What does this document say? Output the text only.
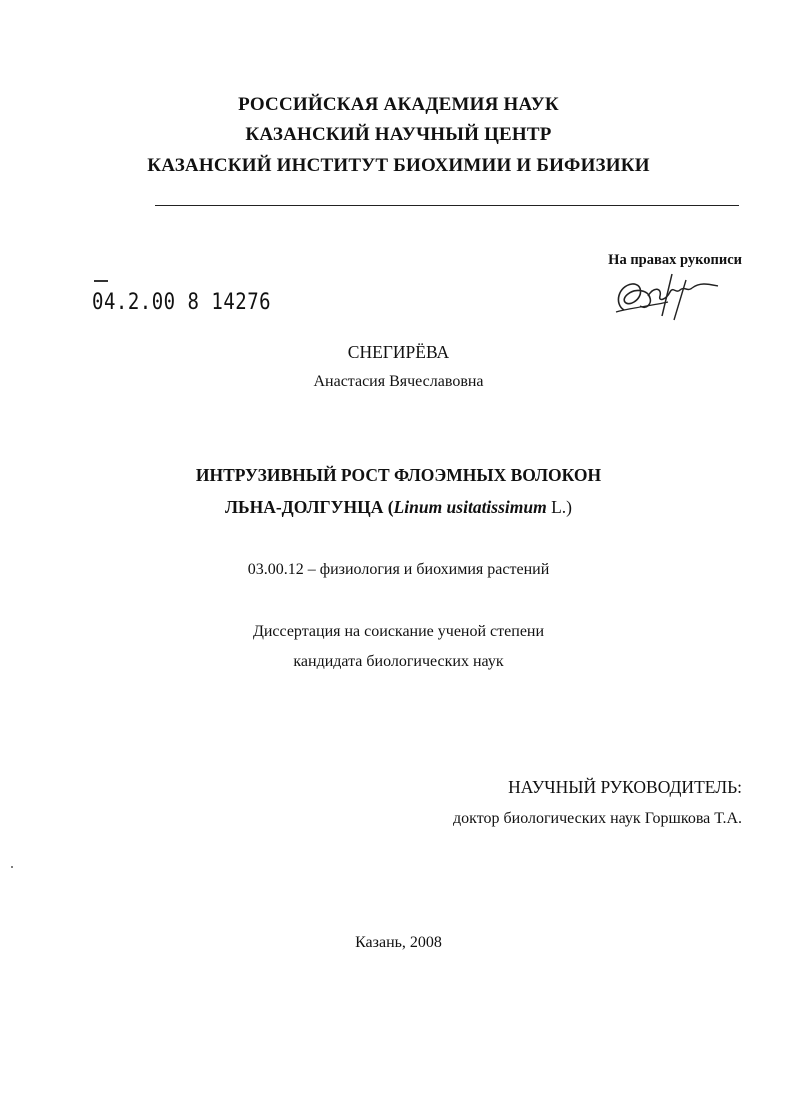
РОССИЙСКАЯ АКАДЕМИЯ НАУК
КАЗАНСКИЙ НАУЧНЫЙ ЦЕНТР
КАЗАНСКИЙ ИНСТИТУТ БИОХИМИИ И БИФИЗИКИ
04.2.00 8 14276
На правах рукописи
СНЕГИРЁВА
Анастасия Вячеславовна
ИНТРУЗИВНЫЙ РОСТ ФЛОЭМНЫХ ВОЛОКОН
ЛЬНА-ДОЛГУНЦА (Linum usitatissimum L.)
03.00.12 – физиология и биохимия растений
Диссертация на соискание ученой степени
кандидата биологических наук
НАУЧНЫЙ РУКОВОДИТЕЛЬ:
доктор биологических наук Горшкова Т.А.
Казань, 2008
